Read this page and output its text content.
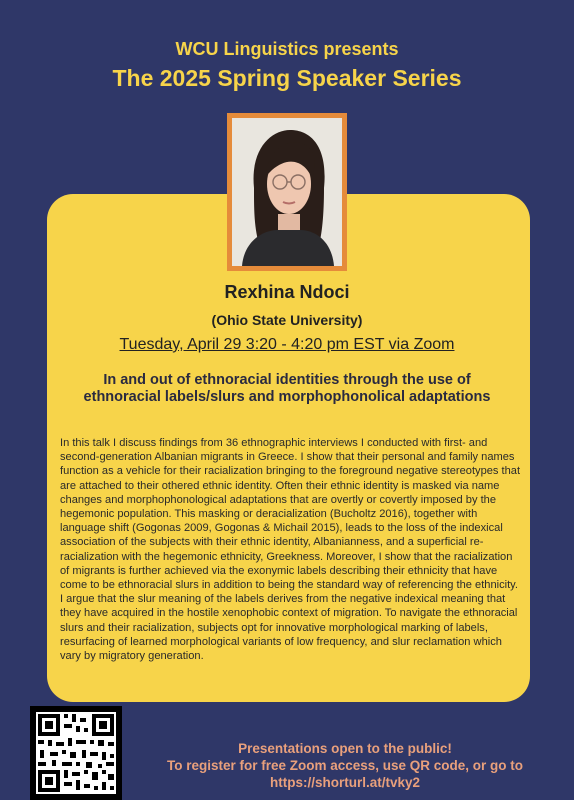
WCU Linguistics presents
The 2025 Spring Speaker Series
Rexhina Ndoci
(Ohio State University)
Tuesday, April 29 3:20 - 4:20 pm EST via Zoom
In and out of ethnoracial identities through the use of ethnoracial labels/slurs and morphophonolical adaptations
In this talk I discuss findings from 36 ethnographic interviews I conducted with first- and second-generation Albanian migrants in Greece. I show that their personal and family names function as a vehicle for their racialization bringing to the foreground negative stereotypes that are attached to their othered ethnic identity. Often their ethnic identity is masked via name changes and morphophonological adaptations that are overtly or covertly imposed by the hegemonic population. This masking or deracialization (Bucholtz 2016), together with language shift (Gogonas 2009, Gogonas & Michail 2015), leads to the loss of the indexical association of the subjects with their ethnic identity, Albanianness, and a superficial re-racialization with the hegemonic ethnicity, Greekness. Moreover, I show that the racialization of migrants is further achieved via the exonymic labels describing their ethnicity that have come to be ethnoracial slurs in addition to being the standard way of referencing the ethnicity. I argue that the slur meaning of the labels derives from the negative indexical meaning that they have acquired in the hostile xenophobic context of migration. To navigate the ethnoracial slurs and their racialization, subjects opt for innovative morphological marking of labels, resurfacing of learned morphological variants of low frequency, and slur reclamation which vary by migratory generation.
Presentations open to the public!
To register for free Zoom access, use QR code, or go to
https://shorturl.at/tvky2
